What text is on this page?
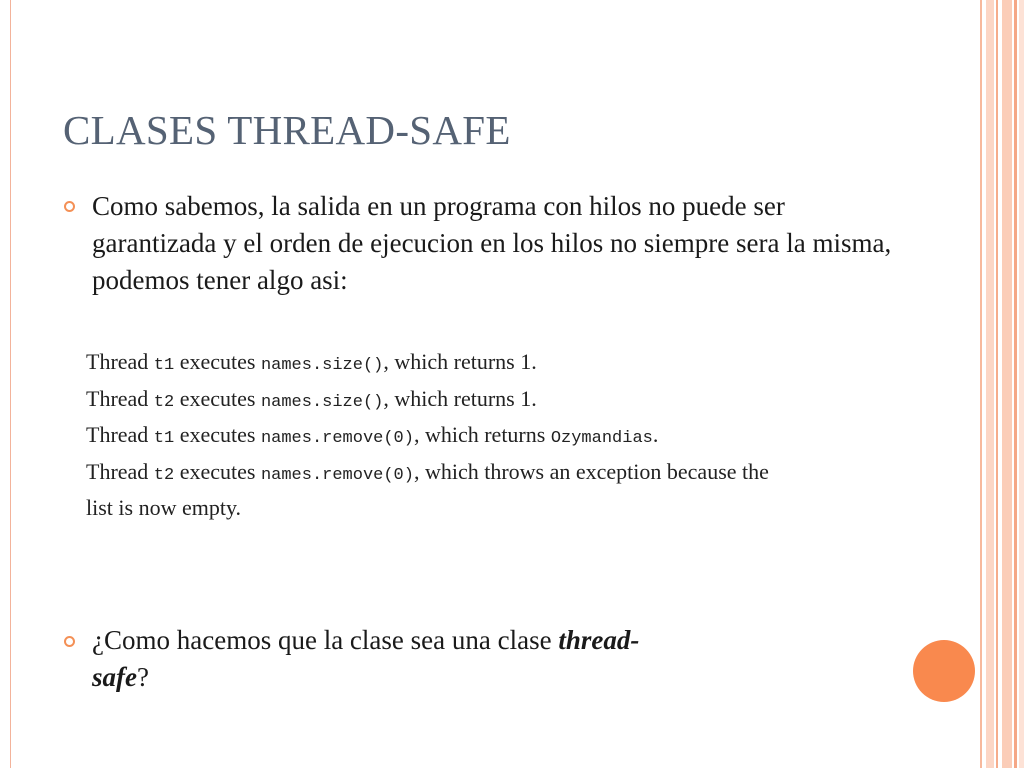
CLASES THREAD-SAFE
Como sabemos, la salida en un programa con hilos no puede ser garantizada y el orden de ejecucion en los hilos no siempre sera la misma, podemos tener algo asi:
Thread t1 executes names.size(), which returns 1.
Thread t2 executes names.size(), which returns 1.
Thread t1 executes names.remove(0), which returns Ozymandias.
Thread t2 executes names.remove(0), which throws an exception because the
list is now empty.
¿Como hacemos que la clase sea una clase thread-
safe?
